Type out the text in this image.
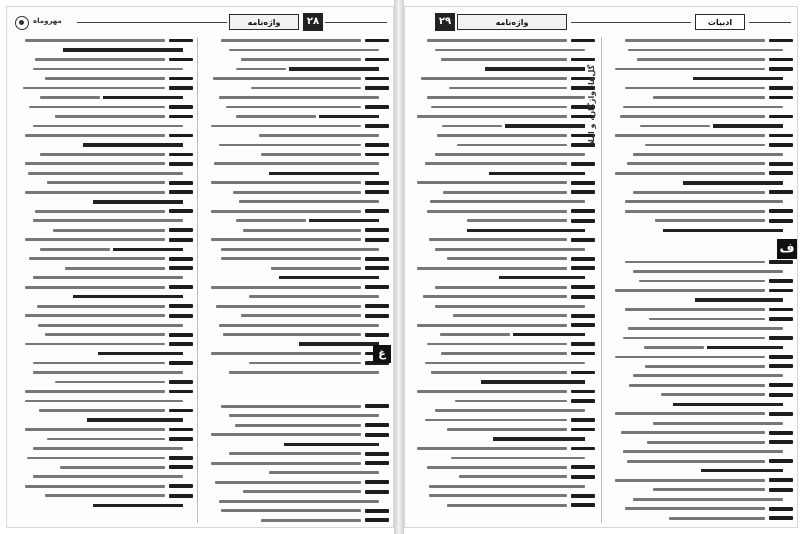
مهروماه	واژه‌نامه	۲۸
غ
۲۹	واژه‌نامه	ادبیات
ف
گل‌ها، واژگان، و املا
